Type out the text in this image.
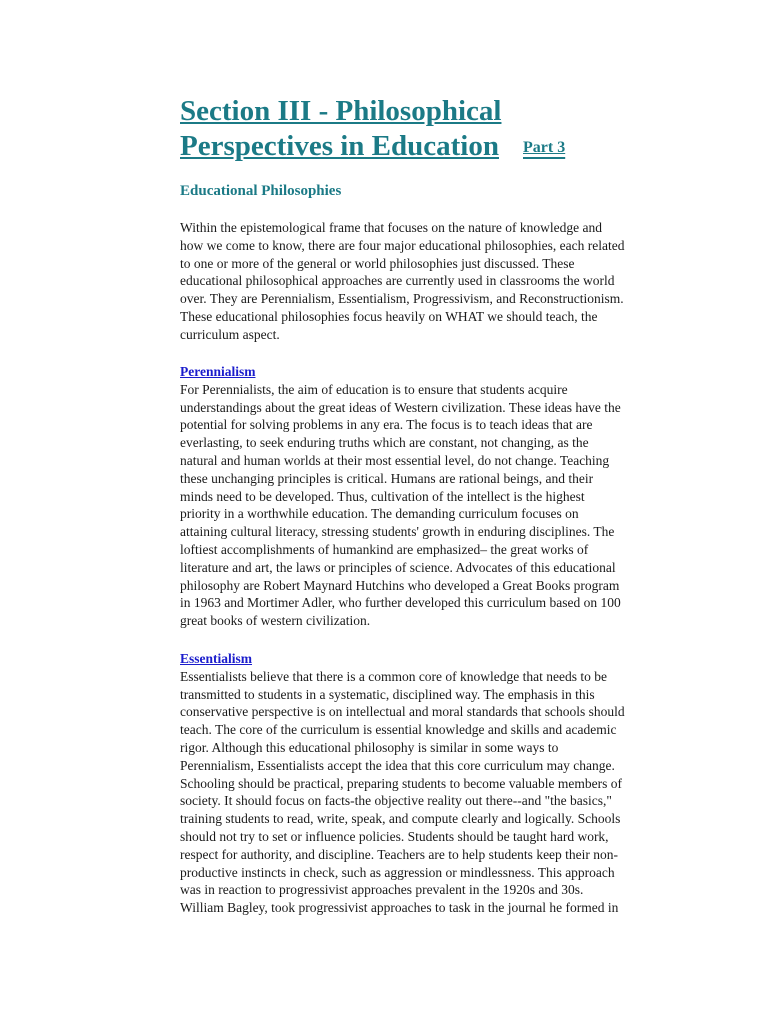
Section III - Philosophical
Perspectives in Education Part 3
Educational Philosophies
Within the epistemological frame that focuses on the nature of knowledge and
how we come to know, there are four major educational philosophies, each related
to one or more of the general or world philosophies just discussed. These
educational philosophical approaches are currently used in classrooms the world
over. They are Perennialism, Essentialism, Progressivism, and Reconstructionism.
These educational philosophies focus heavily on WHAT we should teach, the
curriculum aspect.
Perennialism
For Perennialists, the aim of education is to ensure that students acquire
understandings about the great ideas of Western civilization. These ideas have the
potential for solving problems in any era. The focus is to teach ideas that are
everlasting, to seek enduring truths which are constant, not changing, as the
natural and human worlds at their most essential level, do not change. Teaching
these unchanging principles is critical. Humans are rational beings, and their
minds need to be developed. Thus, cultivation of the intellect is the highest
priority in a worthwhile education. The demanding curriculum focuses on
attaining cultural literacy, stressing students' growth in enduring disciplines. The
loftiest accomplishments of humankind are emphasized– the great works of
literature and art, the laws or principles of science. Advocates of this educational
philosophy are Robert Maynard Hutchins who developed a Great Books program
in 1963 and Mortimer Adler, who further developed this curriculum based on 100
great books of western civilization.
Essentialism
Essentialists believe that there is a common core of knowledge that needs to be
transmitted to students in a systematic, disciplined way. The emphasis in this
conservative perspective is on intellectual and moral standards that schools should
teach. The core of the curriculum is essential knowledge and skills and academic
rigor. Although this educational philosophy is similar in some ways to
Perennialism, Essentialists accept the idea that this core curriculum may change.
Schooling should be practical, preparing students to become valuable members of
society. It should focus on facts-the objective reality out there--and "the basics,"
training students to read, write, speak, and compute clearly and logically. Schools
should not try to set or influence policies. Students should be taught hard work,
respect for authority, and discipline. Teachers are to help students keep their non-
productive instincts in check, such as aggression or mindlessness. This approach
was in reaction to progressivist approaches prevalent in the 1920s and 30s.
William Bagley, took progressivist approaches to task in the journal he formed in
